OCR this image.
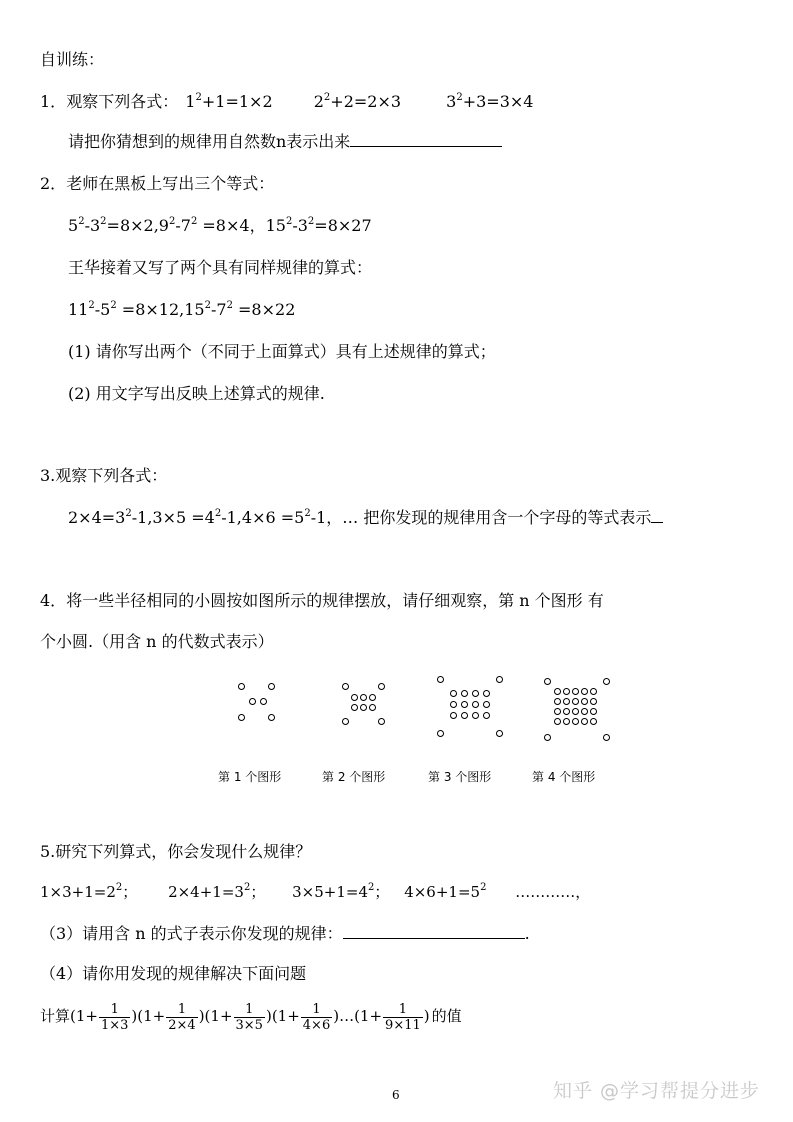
自训练：
1．观察下列各式： $1^2+1=1\times 2$	$2^2+2=2\times 3$	$3^2+3=3\times 4$
请把你猜想到的规律用自然数n表示出来
2．老师在黑板上写出三个等式：
$5^2-3^2=8\times 2,9^2-7^2 =8\times 4$，$15^2-3^2=8\times 27$
王华接着又写了两个具有同样规律的算式：
$11^2-5^2 =8\times 12,15^2-7^2 =8\times 22$
(1) 请你写出两个（不同于上面算式）具有上述规律的算式；
(2) 用文字写出反映上述算式的规律.
3.观察下列各式：
$2\times 4=3^2-1,3\times 5 =4^2-1,4\times 6 =5^2-1$，… 把你发现的规律用含一个字母的等式表示
4．将一些半径相同的小圆按如图所示的规律摆放，请仔细观察，第 n 个图形 有
个小圆.（用含 n 的代数式表示）
第 1 个图形	第 2 个图形	第 3 个图形	第 4 个图形
5.研究下列算式，你会发现什么规律？
$1\times 3+1=2^2$； $2\times 4+1=3^2$； $3\times 5+1=4^2$； $4\times 6+1=5^2$ …………，
（3）请用含 n 的式子表示你发现的规律：	.
（4）请你用发现的规律解决下面问题
计算$(1+ \frac{1}{1\times 3} )(1+ \frac{1}{2\times 4} )(1+ \frac{1}{3\times 5} )(1+ \frac{1}{4\times 6}$ )…(1+ $\frac{1}{9\times 11}$ ) 的值
6	知乎 @学习帮提分进步
